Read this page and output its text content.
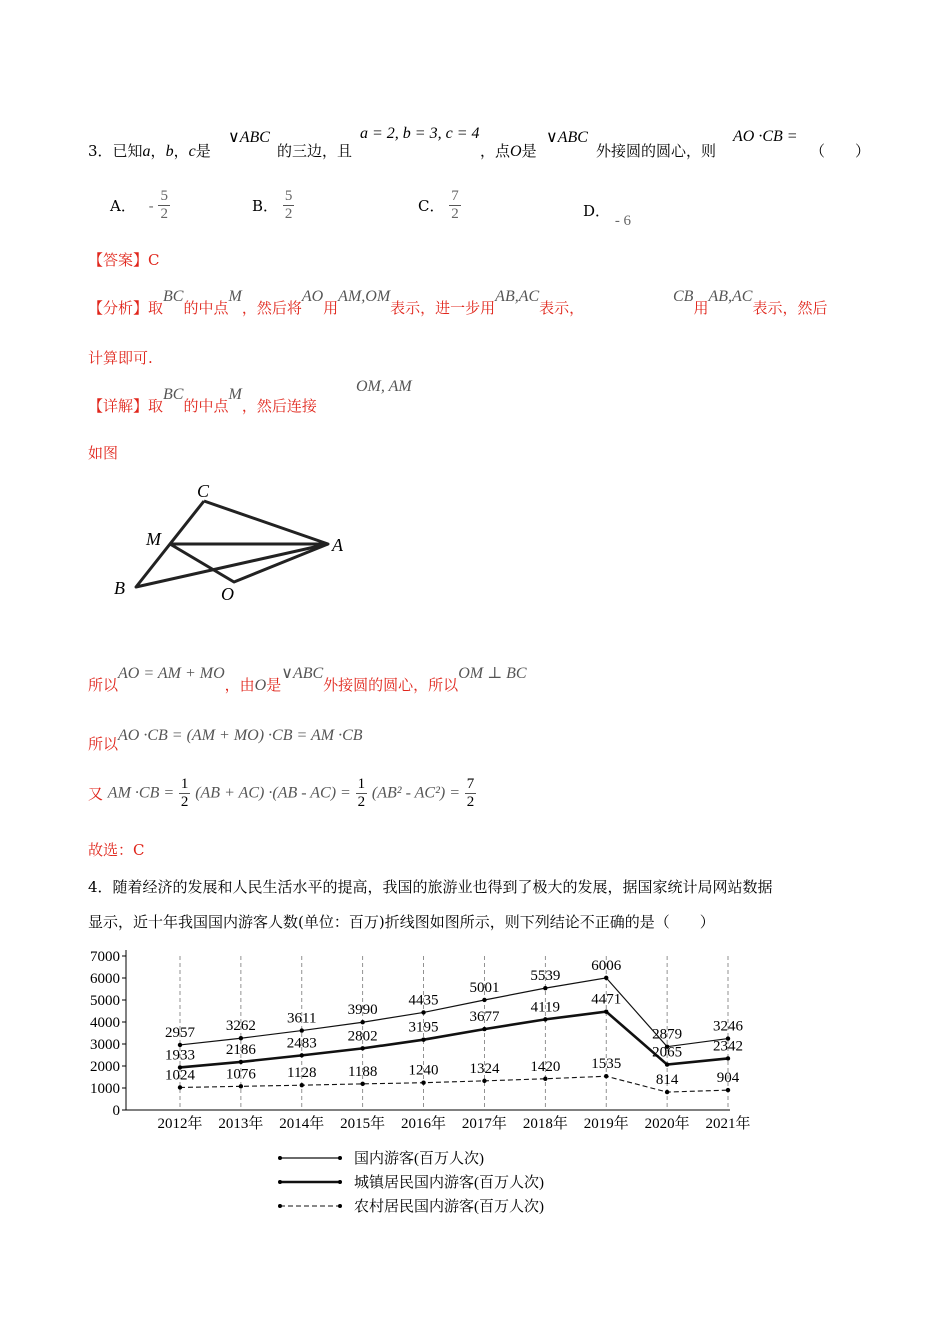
3．已知a，b，c是
∨ABC
的三边，且
a = 2, b = 3, c = 4
，点O是
∨ABC
外接圆的圆心，则
AO ·CB =
（　　）
A． - $\frac{5}{2}$	B． $\frac{5}{2}$	C． $\frac{7}{2}$	D． - 6
【答案】C
【分析】取BC的中点M，然后将AO用AM,OM表示，进一步用AB,AC表示，
CB用AB,AC表示，然后
计算即可.
【详解】取BC的中点M，然后连接
OM, AM
如图
C
M	A
B	O
所以AO = AM + MO，由O是∨ABC外接圆的圆心，所以OM ⊥ BC
所以AO ·CB = (AM + MO) ·CB = AM ·CB
又 AM $\cdot CB = \frac{1}{2} (AB + AC) \cdot(AB - AC) = \frac{1}{2} (AB^2 - AC^2) = \frac{7}{2}$
故选：C
4．随着经济的发展和人民生活水平的提高，我国的旅游业也得到了极大的发展，据国家统计局网站数据
显示，近十年我国国内游客人数(单位：百万)折线图如图所示，则下列结论不正确的是（　　）
0
1000
2000
3000
4000
5000
6000
7000
2012年 2013年 2014年 2015年 2016年 2017年 2018年 2019年 2020年 2021年
2957 3262 3611
3990
4435
5001
5539
6006
2879
3246
1933 2186 2483 2802
3195
3677
4119 4471
2065 2342
1024 1076 1128 1188 1240 1324 1420 1535
814	904
国内游客(百万人次)
城镇居民国内游客(百万人次)
农村居民国内游客(百万人次)
